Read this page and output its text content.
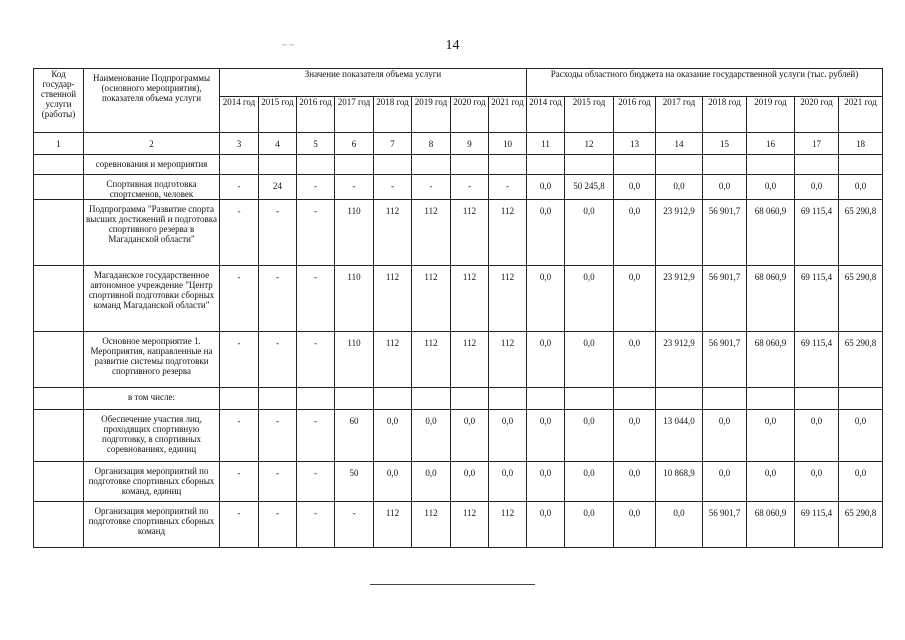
14
~ ~
Код государ-ственной услуги (работы)	Наименование Подпрограммы (основного мероприятия), показателя объема услуги	Значение показателя объема услуги								Расходы областного бюджета на оказание государственной услуги (тыс. рублей)							
		2014 год	2015 год	2016 год	2017 год	2018 год	2019 год	2020 год	2021 год	2014 год	2015 год	2016 год	2017 год	2018 год	2019 год	2020 год	2021 год
1	2	3	4	5	6	7	8	9	10	11	12	13	14	15	16	17	18
	соревнования и мероприятия																
	Спортивная подготовка спортсменов, человек	-	24	-	-	-	-	-	-	0,0	50 245,8	0,0	0,0	0,0	0,0	0,0	0,0
	Подпрограмма "Развитие спорта высших достижений и подготовка спортивного резерва в Магаданской области"	-	-	-	110	112	112	112	112	0,0	0,0	0,0	23 912,9	56 901,7	68 060,9	69 115,4	65 290,8
	Магаданское государственное автономное учреждение "Центр спортивной подготовки сборных команд Магаданской области"	-	-	-	110	112	112	112	112	0,0	0,0	0,0	23 912,9	56 901,7	68 060,9	69 115,4	65 290,8
	Основное мероприятие 1. Мероприятия, направленные на развитие системы подготовки спортивного резерва	-	-	-	110	112	112	112	112	0,0	0,0	0,0	23 912,9	56 901,7	68 060,9	69 115,4	65 290,8
	в том числе:																
	Обеспечение участия лиц, проходящих спортивную подготовку, в спортивных соревнованиях, единиц	-	-	-	60	0,0	0,0	0,0	0,0	0,0	0,0	0,0	13 044,0	0,0	0,0	0,0	0,0
	Организация мероприятий по подготовке спортивных сборных команд, единиц	-	-	-	50	0,0	0,0	0,0	0,0	0,0	0,0	0,0	10 868,9	0,0	0,0	0,0	0,0
	Организация мероприятий по подготовке спортивных сборных команд	-	-	-	-	112	112	112	112	0,0	0,0	0,0	0,0	56 901,7	68 060,9	69 115,4	65 290,8
